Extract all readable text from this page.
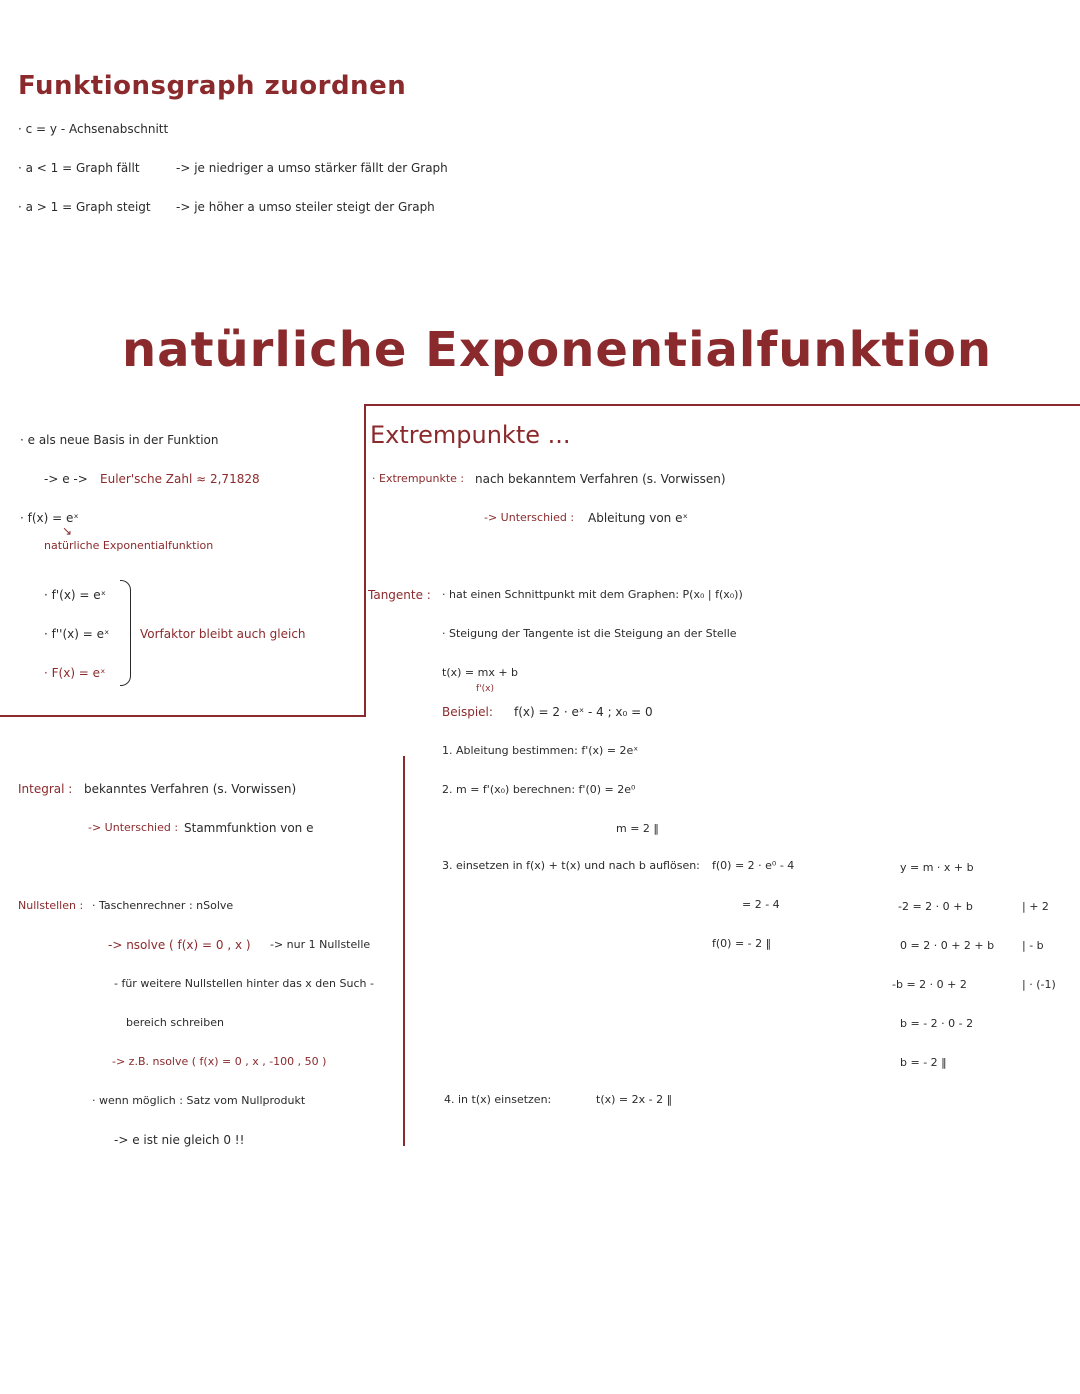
Funktionsgraph zuordnen
· c = y - Achsenabschnitt
· a < 1 = Graph fällt	-> je niedriger a umso stärker fällt der Graph
· a > 1 = Graph steigt -> je höher a umso steiler steigt der Graph
natürliche Exponentialfunktion
· e als neue Basis in der Funktion
-> e -> Euler'sche Zahl ≈ 2,71828
· f(x) = eˣ
↘
natürliche Exponentialfunktion
· f'(x) = eˣ
· f''(x) = eˣ
· F(x) = eˣ
Vorfaktor bleibt auch gleich
Extrempunkte ...
· Extrempunkte : nach bekanntem Verfahren (s. Vorwissen)
-> Unterschied : Ableitung von eˣ
Tangente : · hat einen Schnittpunkt mit dem Graphen: P(x₀ | f(x₀))
· Steigung der Tangente ist die Steigung an der Stelle
t(x) = mx + b
f'(x)
Beispiel: f(x) = 2 · eˣ - 4 ; x₀ = 0
1. Ableitung bestimmen: f'(x) = 2eˣ
2. m = f'(x₀) berechnen: f'(0) = 2e⁰
m = 2 ‖
3. einsetzen in f(x) + t(x) und nach b auflösen: f(0) = 2 · e⁰ - 4
= 2 - 4
f(0) = - 2 ‖
4. in t(x) einsetzen:	t(x) = 2x - 2 ‖
y = m · x + b
-2 = 2 · 0 + b	| + 2
0 = 2 · 0 + 2 + b	| - b
-b = 2 · 0 + 2	| · (-1)
b = - 2 · 0 - 2
b = - 2 ‖
Integral : bekanntes Verfahren (s. Vorwissen)
-> Unterschied : Stammfunktion von e
Nullstellen : · Taschenrechner : nSolve
-> nsolve ( f(x) = 0 , x ) -> nur 1 Nullstelle
- für weitere Nullstellen hinter das x den Such -
bereich schreiben
-> z.B. nsolve ( f(x) = 0 , x , -100 , 50 )
· wenn möglich : Satz vom Nullprodukt
-> e ist nie gleich 0 !!
